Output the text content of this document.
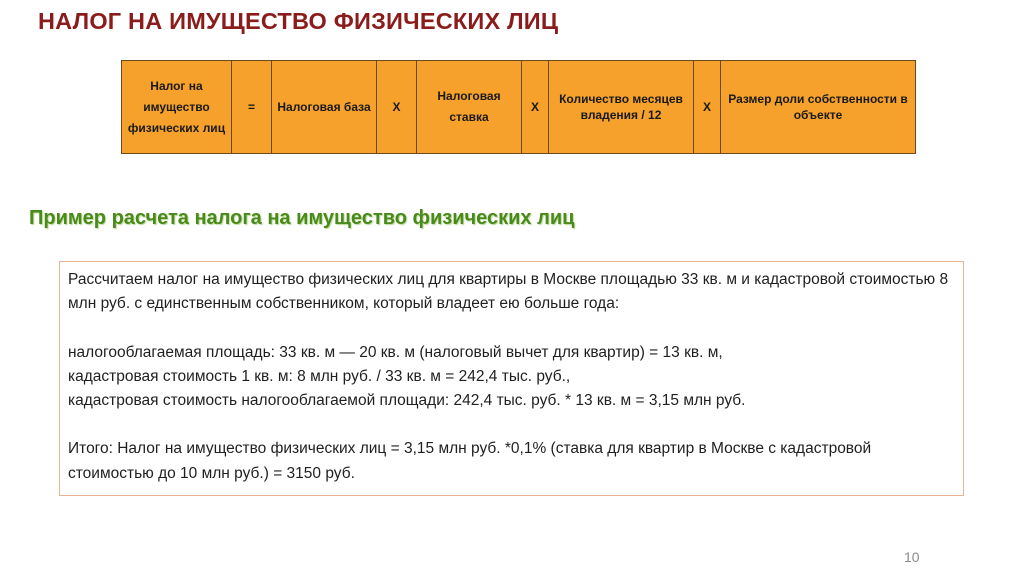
НАЛОГ НА ИМУЩЕСТВО ФИЗИЧЕСКИХ ЛИЦ
Налог на имущество физических лиц	=	Налоговая база	Х	Налоговая ставка	Х	Количество месяцев владения / 12	Х	Размер доли собственности в объекте
Пример расчета налога на имущество физических лиц

Рассчитаем налог на имущество физических лиц для квартиры в Москве площадью 33 кв. м и кадастровой стоимостью 8 млн руб. с единственным собственником, который владеет ею больше года:

налогооблагаемая площадь: 33 кв. м — 20 кв. м (налоговый вычет для квартир) = 13 кв. м,

кадастровая стоимость 1 кв. м: 8 млн руб. / 33 кв. м = 242,4 тыс. руб.,

кадастровая стоимость налогооблагаемой площади: 242,4 тыс. руб. * 13 кв. м = 3,15 млн руб.

Итого: Налог на имущество физических лиц = 3,15 млн руб. *0,1% (ставка для квартир в Москве с кадастровой стоимостью до 10 млн руб.) = 3150 руб.

10
